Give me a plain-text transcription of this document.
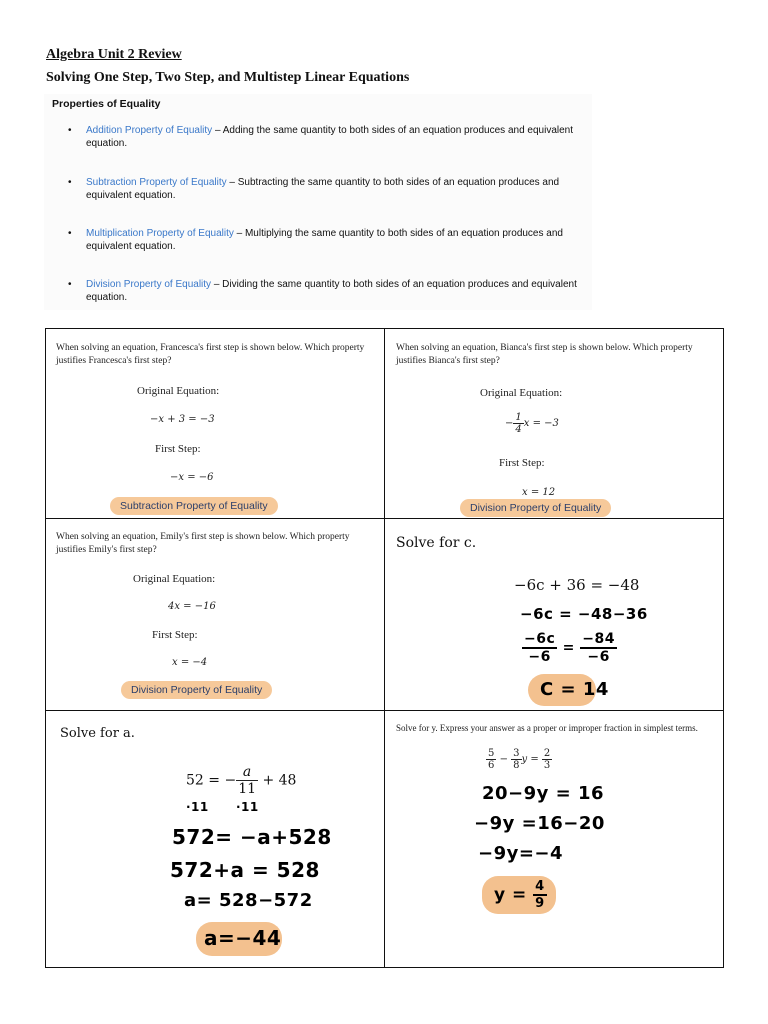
Algebra Unit 2 Review
Solving One Step, Two Step, and Multistep Linear Equations
Properties of Equality
• Addition Property of Equality – Adding the same quantity to both sides of an equation produces and equivalent equation.
• Subtraction Property of Equality – Subtracting the same quantity to both sides of an equation produces and equivalent equation.
• Multiplication Property of Equality – Multiplying the same quantity to both sides of an equation produces and equivalent equation.
• Division Property of Equality – Dividing the same quantity to both sides of an equation produces and equivalent equation.
When solving an equation, Francesca's first step is shown below. Which property justifies Francesca's first step?
Original Equation:
−x + 3 = −3
First Step:
−x = −6
Subtraction Property of Equality
When solving an equation, Bianca's first step is shown below. Which property justifies Bianca's first step?
Original Equation:
− $\frac{1}{4}$ x = −3
First Step:
x = 12
Division Property of Equality
When solving an equation, Emily's first step is shown below. Which property justifies Emily's first step?
Original Equation:
4x = −16
First Step:
x = −4
Division Property of Equality
Solve for c.
−6c + 36 = −48
−6c = −48−36
$\frac{-6c}{-6} = \frac{-84}{-6}$
C = 14
Solve for a.
52 = − $\frac{a}{11} + 48$
·11 ·11
572= −a+528
572+a = 528
a= 528−572
a=−44
Solve for y. Express your answer as a proper or improper fraction in simplest terms.
$\frac{5}{6} - \frac{3}{8}$ $y = \frac{2}{3}$
20−9y = 16
−9y =16−20
−9y=−4
$y = \frac{4}{9}$
